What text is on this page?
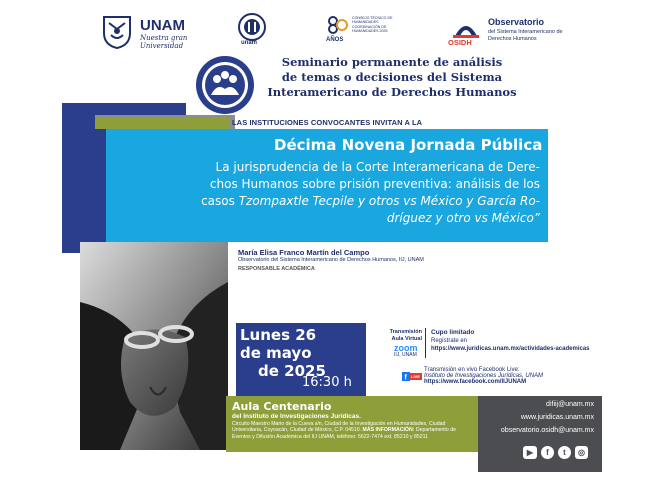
UNAM
Nuestra gran Universidad	unam	AÑOS
CONSEJO TÉCNICO DE HUMANIDADES COORDINACIÓN DE HUMANIDADES 2025
OSIDH
Observatorio
del Sistema Interamericano de Derechos Humanos
Seminario permanente de análisis
de temas o decisiones del Sistema
Interamericano de Derechos Humanos
LAS INSTITUCIONES CONVOCANTES INVITAN A LA
Décima Novena Jornada Pública
La jurisprudencia de la Corte Interamericana de Dere-
chos Humanos sobre prisión preventiva: análisis de los
casos Tzompaxtle Tecpile y otros vs México y García Ro-
dríguez y otro vs México”
María Elisa Franco Martín del Campo
Observatorio del Sistema Interamericano de Derechos Humanos, IIJ, UNAM
RESPONSABLE ACADÉMICA
Lunes 26
de mayo
de 2025
16:30 h
Transmisión
Aula Virtual
zoom
IIJ, UNAM
Cupo limitado
Regístrate en
https://www.juridicas.unam.mx/actividades-academicas
f LIVE
Transmisión en vivo Facebook Live:
Instituto de Investigaciones Jurídicas, UNAM
https://www.facebook.com/IIJUNAM
Aula Centenario
del Instituto de Investigaciones Jurídicas.
Circuito Maestro Mario de la Cueva s/n, Ciudad de la Investigación en Humanidades, Ciudad Universitaria, Coyoacán, Ciudad de México, C.P. 04510. MÁS INFORMACIÓN: Departamento de Eventos y Difusión Académica del IIJ UNAM, teléfono: 5622-7474 ext. 85210 y 85211
difiij@unam.mx
www.juridicas.unam.mx
observatorio.osidh@unam.mx
▶	f	t	◎
